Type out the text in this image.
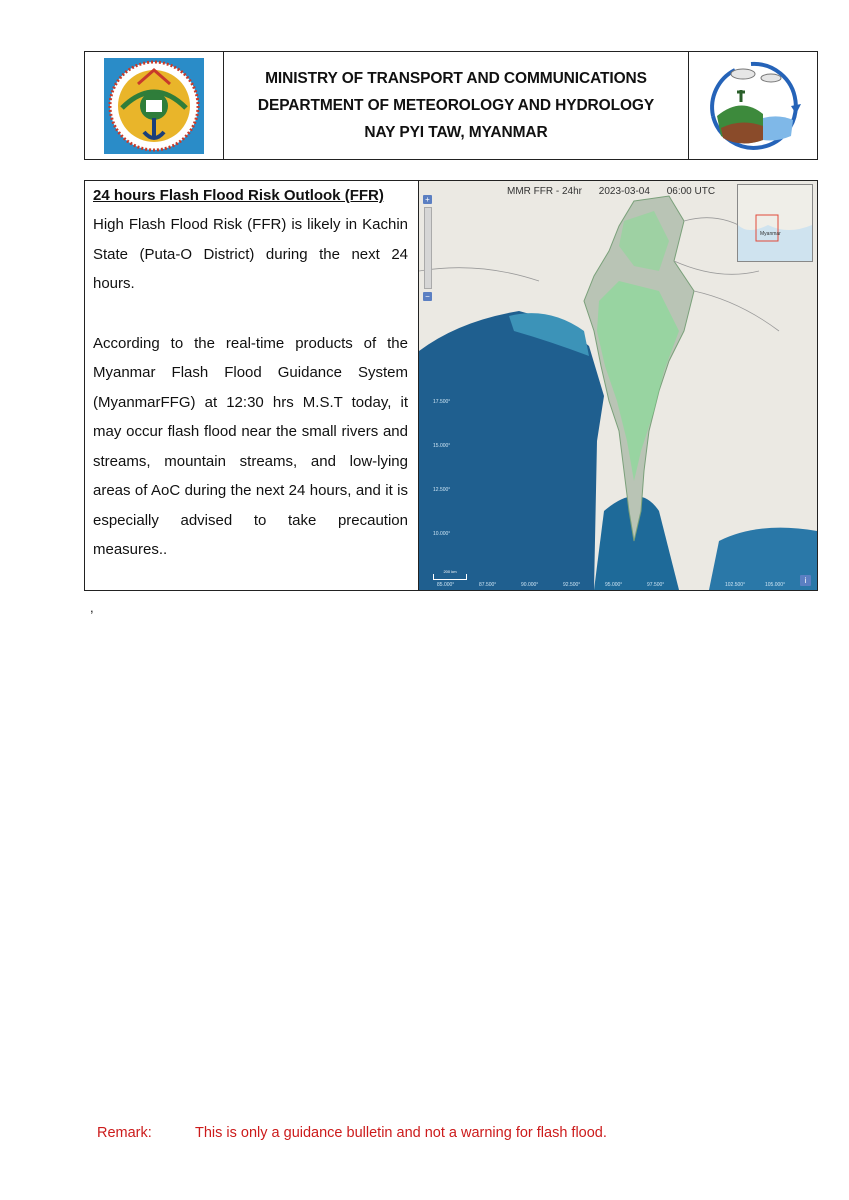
MINISTRY OF TRANSPORT AND COMMUNICATIONS
DEPARTMENT OF METEOROLOGY AND HYDROLOGY
NAY PYI TAW, MYANMAR
24 hours Flash Flood Risk Outlook (FFR)

High Flash Flood Risk (FFR) is likely in Kachin State (Puta-O District) during the next 24 hours.

According to the real-time products of the Myanmar Flash Flood Guidance System (MyanmarFFG) at 12:30 hrs M.S.T today, it may occur flash flood near the small rivers and streams, mountain streams, and low-lying areas of AoC during the next 24 hours, and it is especially advised to take precaution measures..

MMR FFR - 24hr 2023-03-04 06:00 UTC
+
−
Myanmar
17.500°
15.000°
12.500°
10.000°
85.000°	87.500°	90.000°	92.500°	95.000°	97.500°	102.500°	105.000°
200 km
i
,
Remark:	This is only a guidance bulletin and not a warning for flash flood.
